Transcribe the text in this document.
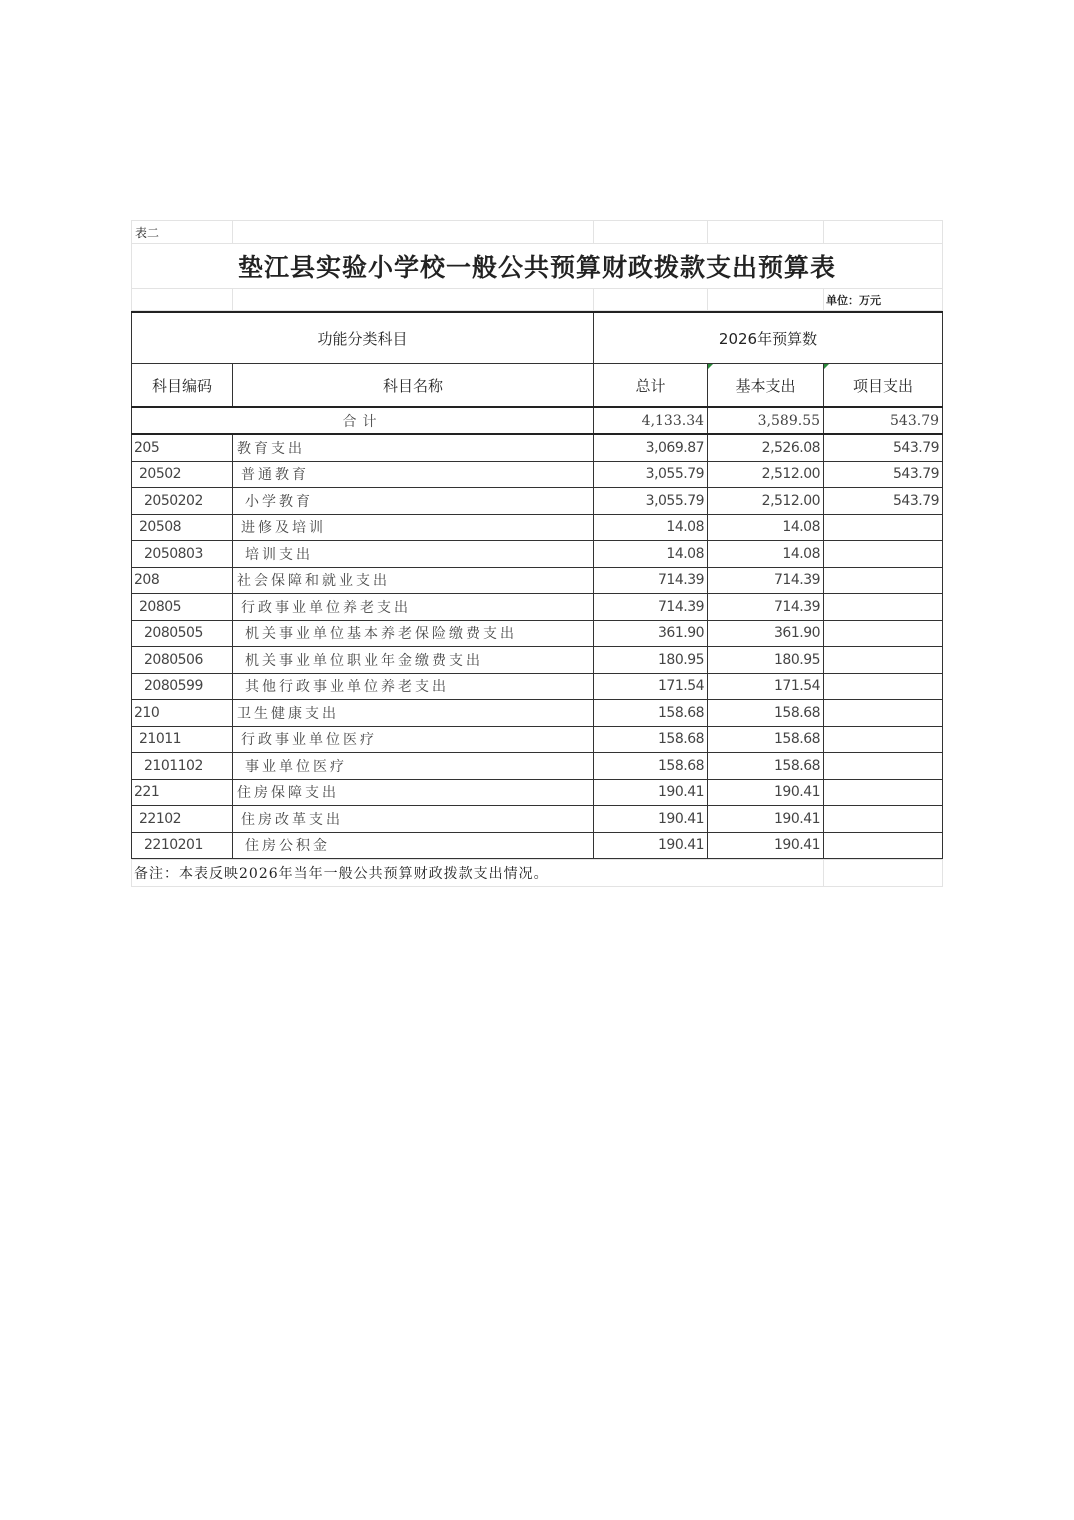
表二				
垫江县实验小学校一般公共预算财政拨款支出预算表				
				单位：万元
功能分类科目		2026年预算数		
科目编码	科目名称	总计	基本支出	项目支出
合计		4,133.34	3,589.55	543.79
205	教育支出	3,069.87	2,526.08	543.79
20502	普通教育	3,055.79	2,512.00	543.79
2050202	小学教育	3,055.79	2,512.00	543.79
20508	进修及培训	14.08	14.08	
2050803	培训支出	14.08	14.08	
208	社会保障和就业支出	714.39	714.39	
20805	行政事业单位养老支出	714.39	714.39	
2080505	机关事业单位基本养老保险缴费支出	361.90	361.90	
2080506	机关事业单位职业年金缴费支出	180.95	180.95	
2080599	其他行政事业单位养老支出	171.54	171.54	
210	卫生健康支出	158.68	158.68	
21011	行政事业单位医疗	158.68	158.68	
2101102	事业单位医疗	158.68	158.68	
221	住房保障支出	190.41	190.41	
22102	住房改革支出	190.41	190.41	
2210201	住房公积金	190.41	190.41	
备注：本表反映2026年当年一般公共预算财政拨款支出情况。	
